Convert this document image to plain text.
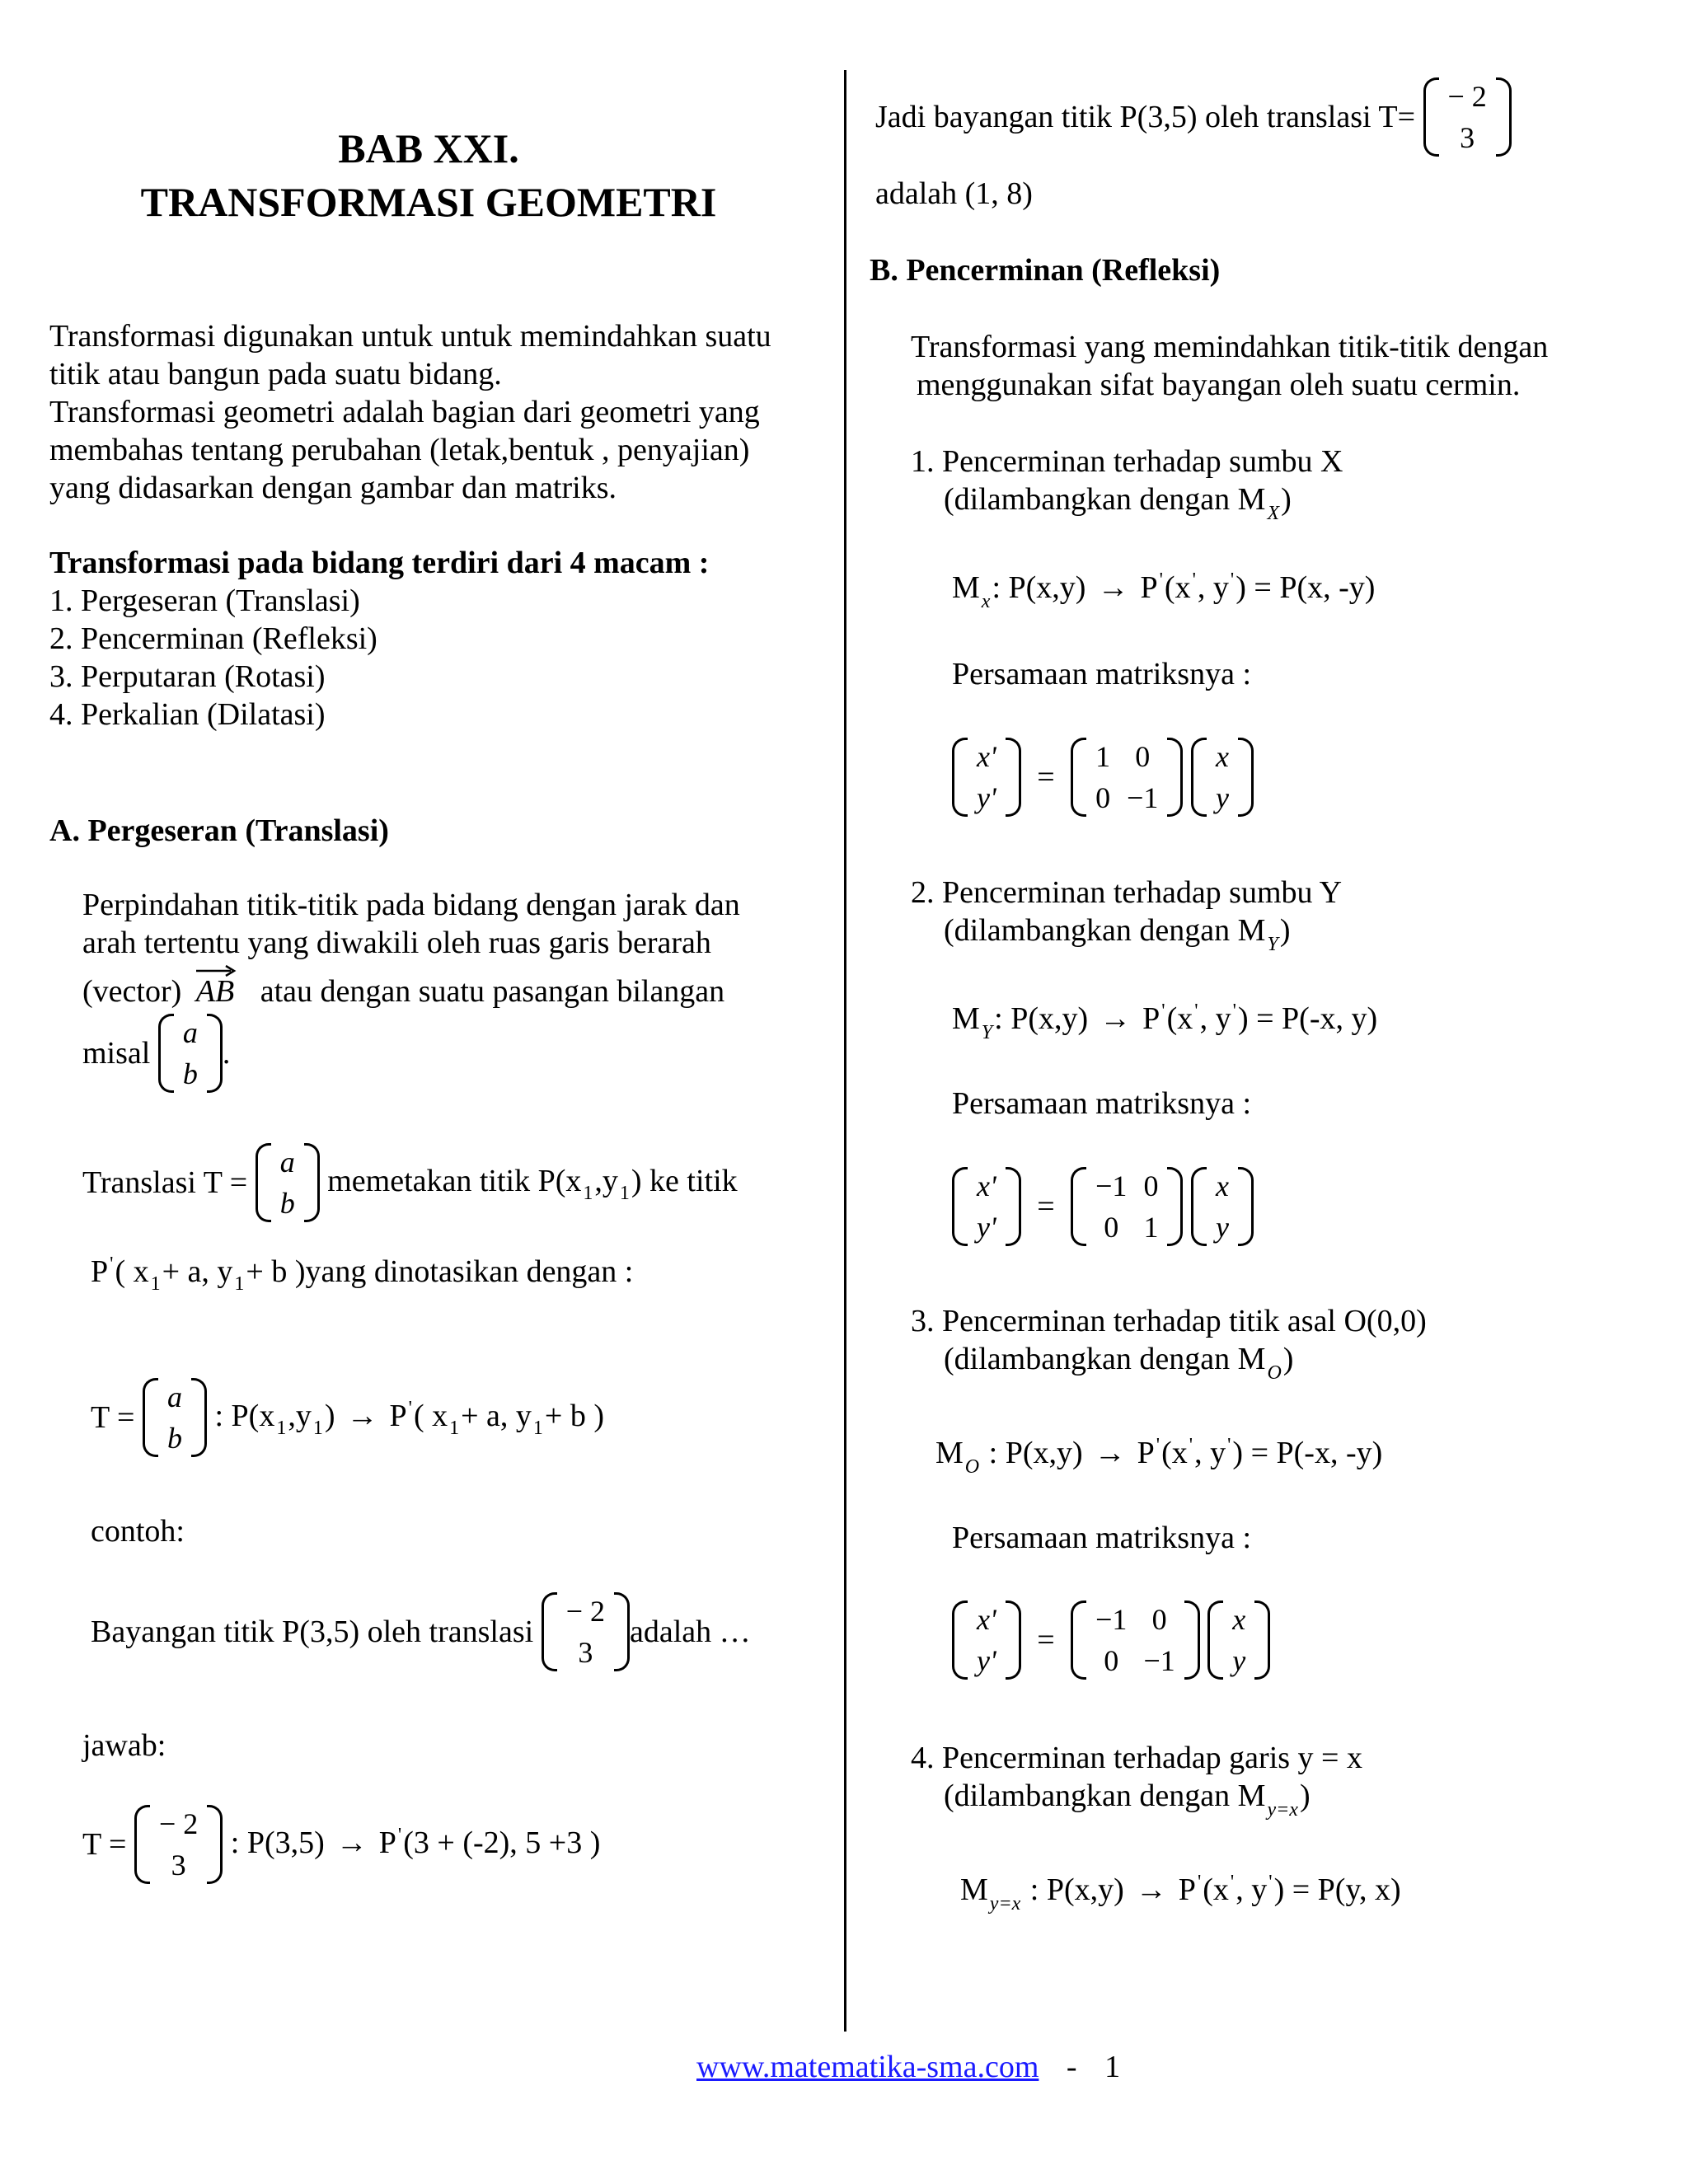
BAB XXI.
TRANSFORMASI GEOMETRI
Transformasi digunakan untuk untuk memindahkan suatu
titik atau bangun pada suatu bidang.
Transformasi geometri adalah bagian dari geometri yang
membahas tentang perubahan (letak,bentuk , penyajian)
yang didasarkan dengan gambar dan matriks.
Transformasi pada bidang terdiri dari 4 macam :
1. Pergeseran (Translasi)
2. Pencerminan (Refleksi)
3. Perputaran (Rotasi)
4. Perkalian (Dilatasi)
A. Pergeseran (Translasi)
Perpindahan titik-titik pada bidang dengan jarak dan
arah tertentu yang diwakili oleh ruas garis berarah
(vector) AB atau dengan suatu pasangan bilangan
misal
a
b
.
Translasi T =
a
b
memetakan titik $P(x_1,y_1)$ ke titik
P'( $x_1+ a$, $y_1+ b$ )yang dinotasikan dengan :
T =
a
b
: $P(x_1,y_1) \to P'$( $x_1+ a$, $y_1+ b$ )
contoh:
Bayangan titik P(3,5) oleh translasi
− 2
3
adalah …
jawab:
T =
− 2
3
: P(3,5) → P'(3 + (-2), 5 +3 )
Jadi bayangan titik P(3,5) oleh translasi T=
− 2
3
adalah (1, 8)
B. Pencerminan (Refleksi)
Transformasi yang memindahkan titik-titik dengan
menggunakan sifat bayangan oleh suatu cermin.
1. Pencerminan terhadap sumbu X
(dilambangkan dengan $M_X$)
$M_x$: P(x,y) → P'(x', y') = P(x, -y)
Persamaan matriksnya :
x'
y'
=
1	0
0	−1

x
y
2. Pencerminan terhadap sumbu Y
(dilambangkan dengan $M_Y$)
$M_Y$: P(x,y) → P'(x', y') = P(-x, y)
Persamaan matriksnya :
x'
y'
=
−1	0
0	1

x
y
3. Pencerminan terhadap titik asal O(0,0)
(dilambangkan dengan $M_O$)
$M_O$ : P(x,y) → P'(x', y') = P(-x, -y)
Persamaan matriksnya :
x'
y'
=
−1	0
0	−1

x
y
4. Pencerminan terhadap garis y = x
(dilambangkan dengan $M_{y=x}$)
$M_{y=x}$ : P(x,y) → P'(x', y') = P(y, x)
www.matematika-sma.com - 1
